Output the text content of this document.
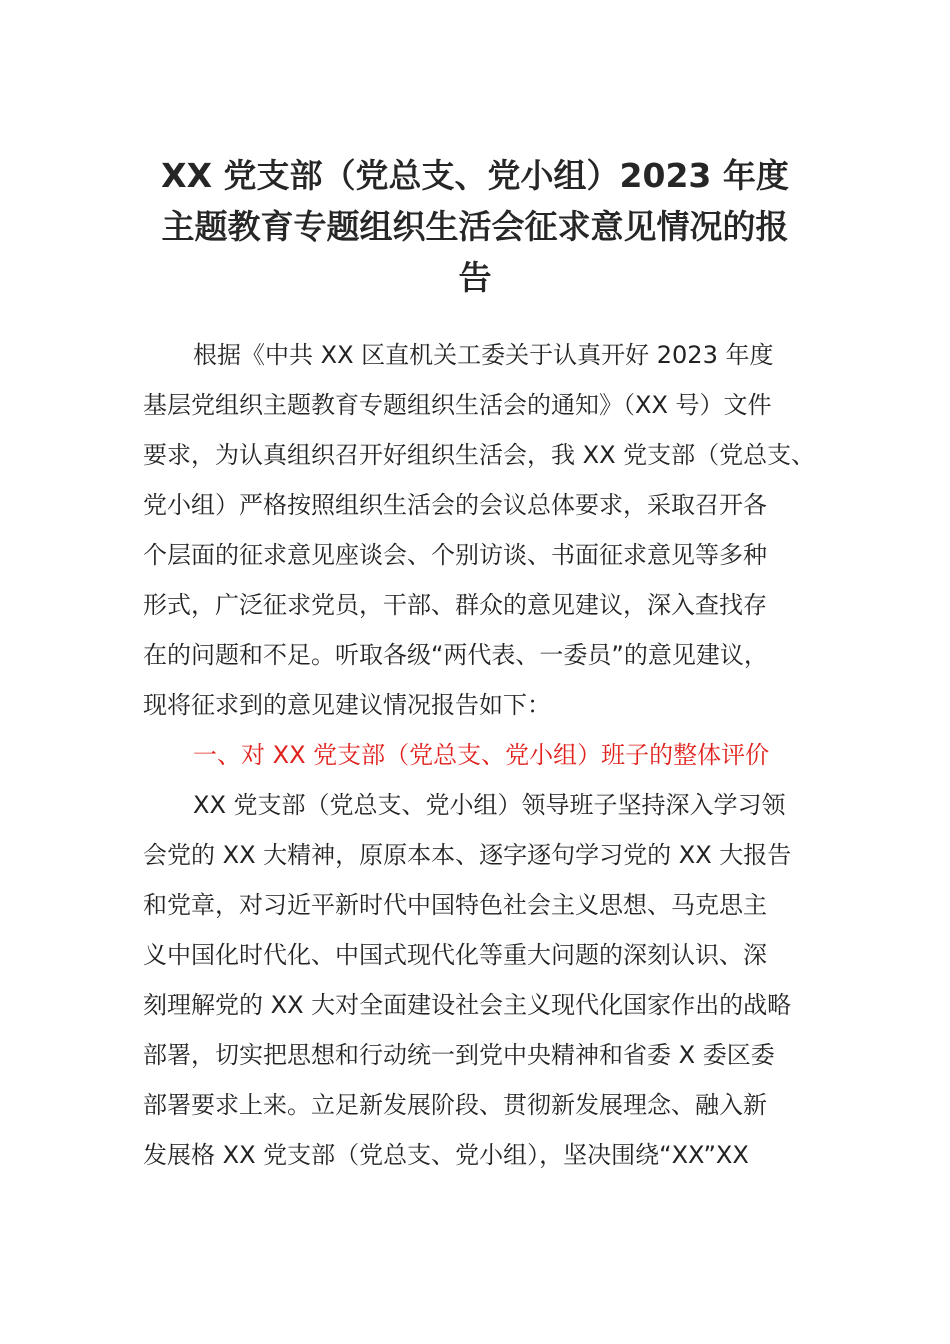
XX 党支部（党总支、党小组）2023 年度
主题教育专题组织生活会征求意见情况的报
告
根据《中共 XX 区直机关工委关于认真开好 2023 年度
基层党组织主题教育专题组织生活会的通知》（XX 号）文件
要求，为认真组织召开好组织生活会，我 XX 党支部（党总支、
党小组）严格按照组织生活会的会议总体要求，采取召开各
个层面的征求意见座谈会、个别访谈、书面征求意见等多种
形式，广泛征求党员，干部、群众的意见建议，深入查找存
在的问题和不足。听取各级“两代表、一委员”的意见建议，
现将征求到的意见建议情况报告如下：
一、对 XX 党支部（党总支、党小组）班子的整体评价
XX 党支部（党总支、党小组）领导班子坚持深入学习领
会党的 XX 大精神，原原本本、逐字逐句学习党的 XX 大报告
和党章，对习近平新时代中国特色社会主义思想、马克思主
义中国化时代化、中国式现代化等重大问题的深刻认识、深
刻理解党的 XX 大对全面建设社会主义现代化国家作出的战略
部署，切实把思想和行动统一到党中央精神和省委 X 委区委
部署要求上来。立足新发展阶段、贯彻新发展理念、融入新
发展格 XX 党支部（党总支、党小组），坚决围绕“XX”XX
